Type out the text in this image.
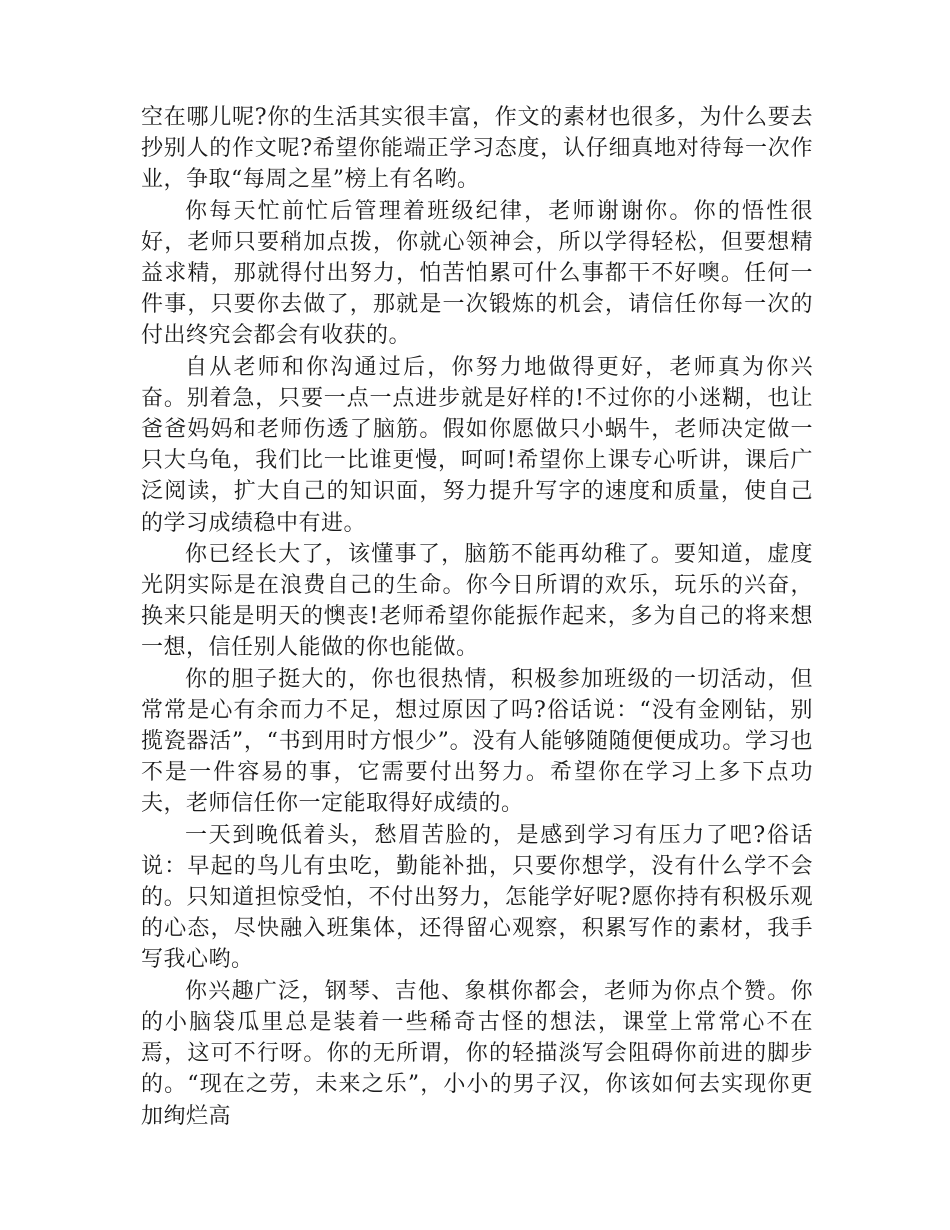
空在哪儿呢?你的生活其实很丰富，作文的素材也很多，为什么要去抄别人的作文呢?希望你能端正学习态度，认仔细真地对待每一次作业，争取“每周之星”榜上有名哟。

你每天忙前忙后管理着班级纪律，老师谢谢你。你的悟性很好，老师只要稍加点拨，你就心领神会，所以学得轻松，但要想精益求精，那就得付出努力，怕苦怕累可什么事都干不好噢。任何一件事，只要你去做了，那就是一次锻炼的机会，请信任你每一次的付出终究会都会有收获的。

自从老师和你沟通过后，你努力地做得更好，老师真为你兴奋。别着急，只要一点一点进步就是好样的!不过你的小迷糊，也让爸爸妈妈和老师伤透了脑筋。假如你愿做只小蜗牛，老师决定做一只大乌龟，我们比一比谁更慢，呵呵!希望你上课专心听讲，课后广泛阅读，扩大自己的知识面，努力提升写字的速度和质量，使自己的学习成绩稳中有进。

你已经长大了，该懂事了，脑筋不能再幼稚了。要知道，虚度光阴实际是在浪费自己的生命。你今日所谓的欢乐，玩乐的兴奋，换来只能是明天的懊丧!老师希望你能振作起来，多为自己的将来想一想，信任别人能做的你也能做。

你的胆子挺大的，你也很热情，积极参加班级的一切活动，但常常是心有余而力不足，想过原因了吗?俗话说：“没有金刚钻，别揽瓷器活”，“书到用时方恨少”。没有人能够随随便便成功。学习也不是一件容易的事，它需要付出努力。希望你在学习上多下点功夫，老师信任你一定能取得好成绩的。

一天到晚低着头，愁眉苦脸的，是感到学习有压力了吧?俗话说：早起的鸟儿有虫吃，勤能补拙，只要你想学，没有什么学不会的。只知道担惊受怕，不付出努力，怎能学好呢?愿你持有积极乐观的心态，尽快融入班集体，还得留心观察，积累写作的素材，我手写我心哟。

你兴趣广泛，钢琴、吉他、象棋你都会，老师为你点个赞。你的小脑袋瓜里总是装着一些稀奇古怪的想法，课堂上常常心不在焉，这可不行呀。你的无所谓，你的轻描淡写会阻碍你前进的脚步的。“现在之劳，未来之乐”，小小的男子汉，你该如何去实现你更加绚烂高
